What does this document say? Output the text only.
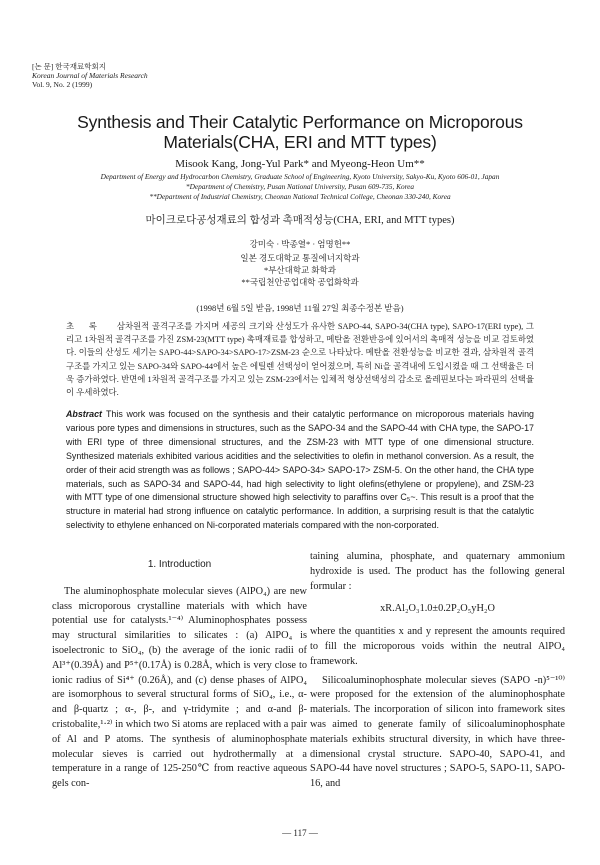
[논 문] 한국재료학회지
Korean Journal of Materials Research
Vol. 9, No. 2 (1999)
Synthesis and Their Catalytic Performance on Microporous
Materials(CHA, ERI and MTT types)
Misook Kang, Jong-Yul Park* and Myeong-Heon Um**
Department of Energy and Hydrocarbon Chemistry, Graduate School of Engineering, Kyoto University, Sakyo-Ku, Kyoto 606-01, Japan
*Department of Chemistry, Pusan National University, Pusan 609-735, Korea
**Department of Industrial Chemistry, Cheonan National Technical College, Cheonan 330-240, Korea
마이크로다공성재료의 합성과 촉매적성능(CHA, ERI, and MTT types)
강미숙 · 박종열* · 엄명헌**
일본 경도대학교 통질에너지학과
*부산대학교 화학과
**국립천안공업대학 공업화학과
(1998년 6월 5일 받음, 1998년 11월 27일 최종수정본 받음)
초 록 삼차원적 골격구조를 가지며 세공의 크기와 산성도가 유사한 SAPO-44, SAPO-34(CHA type), SAPO-17(ERI type), 그리고 1차원적 골격구조를 가진 ZSM-23(MTT type) 촉매재료를 합성하고, 메탄올 전환반응에 있어서의 촉매적 성능을 비교 검토하였다. 이들의 산성도 세기는 SAPO-44>SAPO-34>SAPO-17>ZSM-23 순으로 나타났다. 메탄올 전환성능을 비교한 결과, 삼차원적 골격구조를 가지고 있는 SAPO-34와 SAPO-44에서 높은 에틸렌 선택성이 얻어졌으며, 특히 Ni을 골격내에 도입시켰을 때 그 선택율은 더욱 증가하였다. 반면에 1차원적 골격구조를 가지고 있는 ZSM-23에서는 입체적 형상선택성의 감소로 올레핀보다는 파라핀의 선택율이 우세하였다.
Abstract This work was focused on the synthesis and their catalytic performance on microporous materials having various pore types and dimensions in structures, such as the SAPO-34 and the SAPO-44 with CHA type, the SAPO-17 with ERI type of three dimensional structures, and the ZSM-23 with MTT type of one dimensional structure. Synthesized materials exhibited various acidities and the selectivities to olefin in methanol conversion. As a result, the order of their acid strength was as follows ; SAPO-44> SAPO-34> SAPO-17> ZSM-5. On the other hand, the CHA type materials, such as SAPO-34 and SAPO-44, had high selectivity to light olefins(ethylene or propylene), and ZSM-23 with MTT type of one dimensional structure showed high selectivity to paraffins over C₅~. This result is a proof that the structure in material had strong influence on catalytic performance. In addition, a surprising result is that the catalytic selectivity to ethylene enhanced on Ni-corporated materials compared with the non-corporated.
1. Introduction

The aluminophosphate molecular sieves (AlPO₄) are new class microporous crystalline materials with which have potential use for catalysts.¹⁻⁴⁾ Aluminophosphates possess may structural similarities to silicates : (a) AlPO₄ is isoelectronic to SiO₄, (b) the average of the ionic radii of Al³⁺(0.39Å) and P⁵⁺(0.17Å) is 0.28Å, which is very close to ionic radius of Si⁴⁺ (0.26Å), and (c) dense phases of AlPO₄ are isomorphous to several structural forms of SiO₄, i.e., α-and β-quartz ; α-, β-, and γ-tridymite ; and α-and β-cristobalite,¹·²⁾ in which two Si atoms are replaced with a pair of Al and P atoms. The synthesis of aluminophosphate molecular sieves is carried out hydrothermally at a temperature in a range of 125-250℃ from reactive aqueous gels con-

taining alumina, phosphate, and quaternary ammonium hydroxide is used. The product has the following general formular :

xR.Al₂O₃1.0±0.2P₂O₅yH₂O

where the quantities x and y represent the amounts required to fill the microporous voids within the neutral AlPO₄ framework.

Silicoaluminophosphate molecular sieves (SAPO -n)⁵⁻¹⁰⁾ were proposed for the extension of the aluminophosphate materials. The incorporation of silicon into framework sites was aimed to generate family of silicoaluminophosphate materials exhibits structural diversity, in which have three-dimensional crystal structure. SAPO-40, SAPO-41, and SAPO-44 have novel structures ; SAPO-5, SAPO-11, SAPO-16, and

— 117 —
